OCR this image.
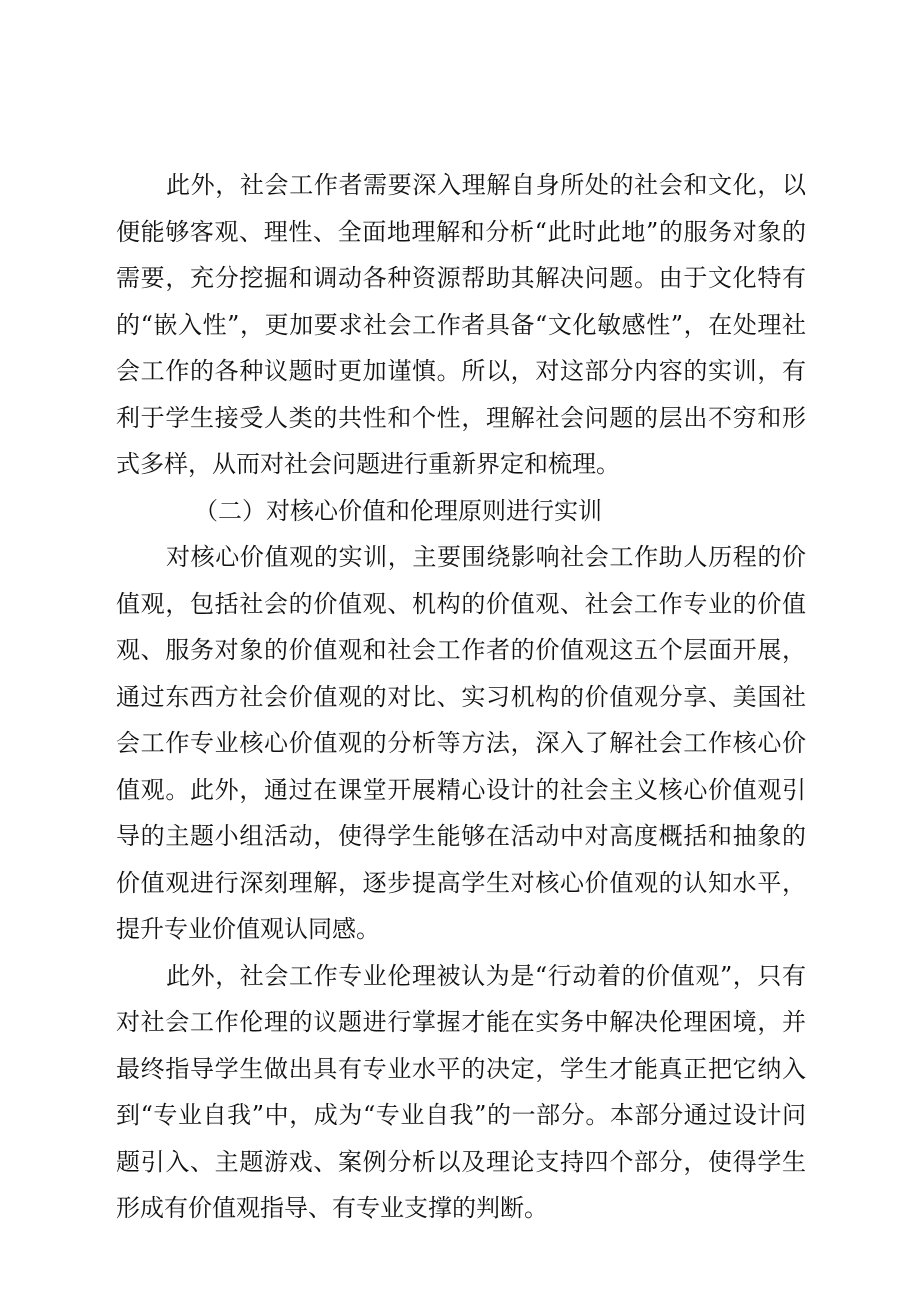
此外，社会工作者需要深入理解自身所处的社会和文化，以便能够客观、理性、全面地理解和分析“此时此地”的服务对象的需要，充分挖掘和调动各种资源帮助其解决问题。由于文化特有的“嵌入性”，更加要求社会工作者具备“文化敏感性”，在处理社会工作的各种议题时更加谨慎。所以，对这部分内容的实训，有利于学生接受人类的共性和个性，理解社会问题的层出不穷和形式多样，从而对社会问题进行重新界定和梳理。

（二）对核心价值和伦理原则进行实训

对核心价值观的实训，主要围绕影响社会工作助人历程的价值观，包括社会的价值观、机构的价值观、社会工作专业的价值观、服务对象的价值观和社会工作者的价值观这五个层面开展，通过东西方社会价值观的对比、实习机构的价值观分享、美国社会工作专业核心价值观的分析等方法，深入了解社会工作核心价值观。此外，通过在课堂开展精心设计的社会主义核心价值观引导的主题小组活动，使得学生能够在活动中对高度概括和抽象的价值观进行深刻理解，逐步提高学生对核心价值观的认知水平，提升专业价值观认同感。

此外，社会工作专业伦理被认为是“行动着的价值观”，只有对社会工作伦理的议题进行掌握才能在实务中解决伦理困境，并最终指导学生做出具有专业水平的决定，学生才能真正把它纳入到“专业自我”中，成为“专业自我”的一部分。本部分通过设计问题引入、主题游戏、案例分析以及理论支持四个部分，使得学生形成有价值观指导、有专业支撑的判断。
